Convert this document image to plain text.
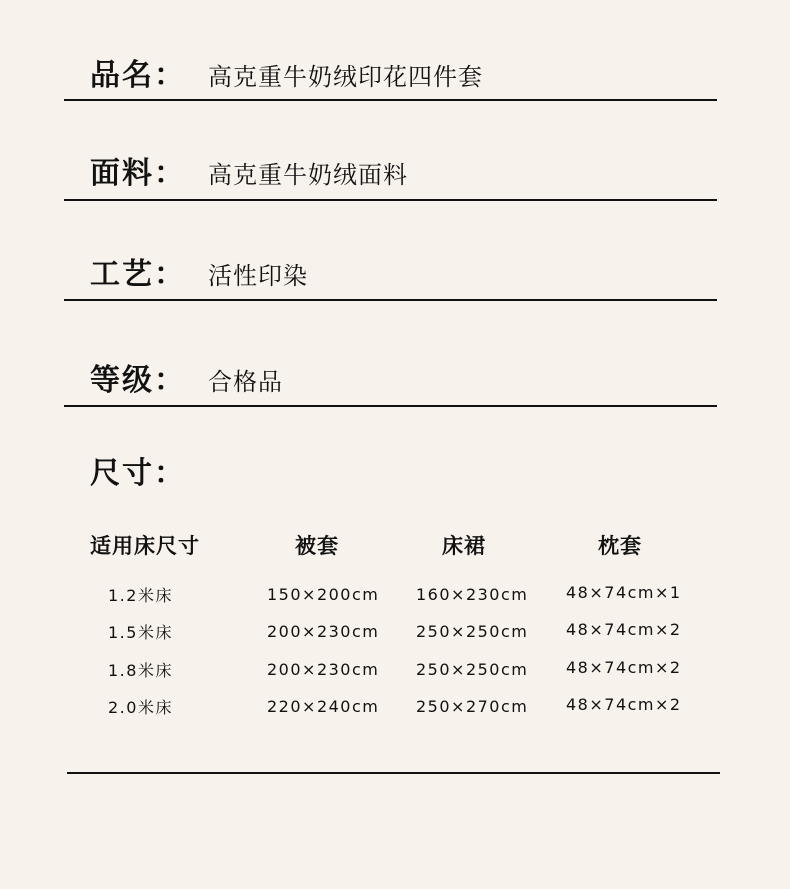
品名： 高克重牛奶绒印花四件套
面料： 高克重牛奶绒面料
工艺： 活性印染
等级： 合格品
尺寸：
适用床尺寸	被套	床裙	枕套
1.2米床	150×200cm 160×230cm 48×74cm×1
1.5米床	200×230cm 250×250cm 48×74cm×2
1.8米床	200×230cm 250×250cm 48×74cm×2
2.0米床	220×240cm 250×270cm 48×74cm×2
